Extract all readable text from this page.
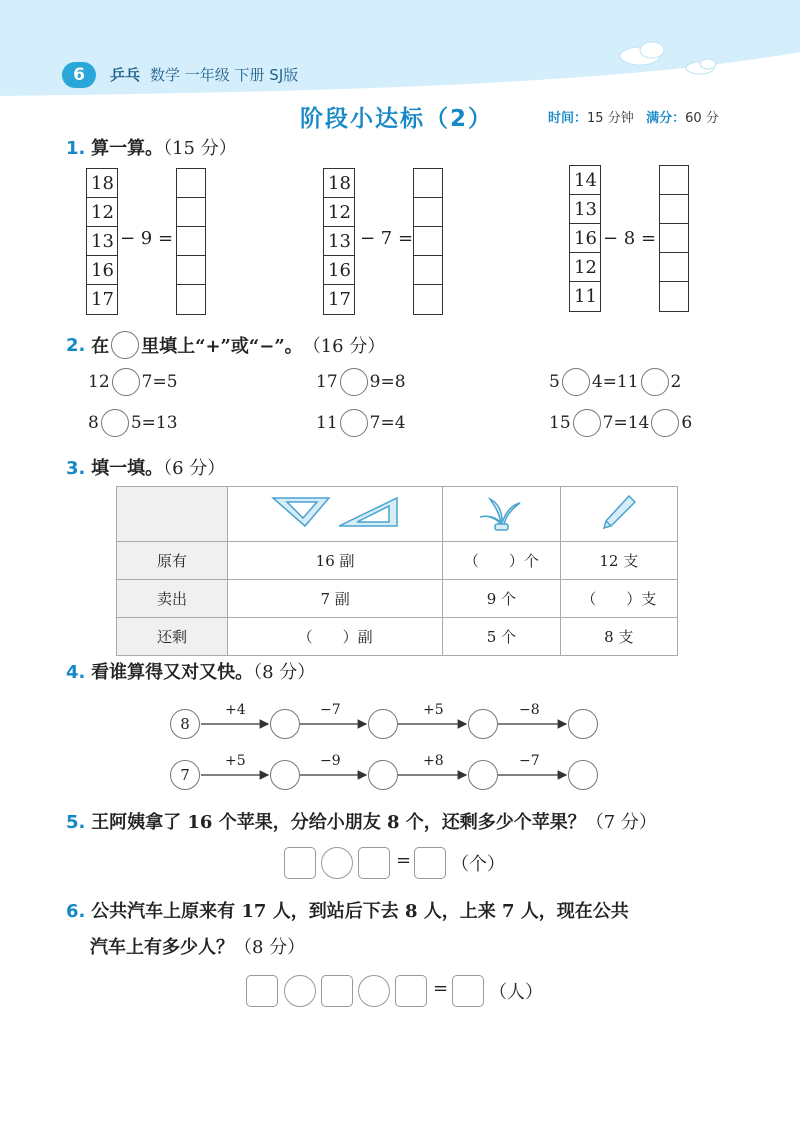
6	乒乓 数学 一年级 下册 SJ版
阶段小达标（2）	时间：15 分钟 满分：60 分
1. 算一算。（15 分）
18
12
13
16
17
− 9 =
18
12
13
16
17
− 7 =
14
13
16
12
11
− 8 =
2.
在 里填上“+”或“−”。 （16 分）
12 7=5	17 9=8	5 4=11 2
8 5=13	11 7=4	15 7=14 6
3. 填一填。（6 分）

原有	16 副	（　　）个	12 支
卖出	7 副	9 个	（　　）支
还剩	（　　）副	5 个	8 支
4. 看谁算得又对又快。（8 分）
8
+4	−7	+5	−8
7
+5	−9	+8	−7
5. 王阿姨拿了 16 个苹果，分给小朋友 8 个，还剩多少个苹果？（7 分）
= （个）
6. 公共汽车上原来有 17 人，到站后下去 8 人，上来 7 人，现在公共
汽车上有多少人？（8 分）
= （人）
